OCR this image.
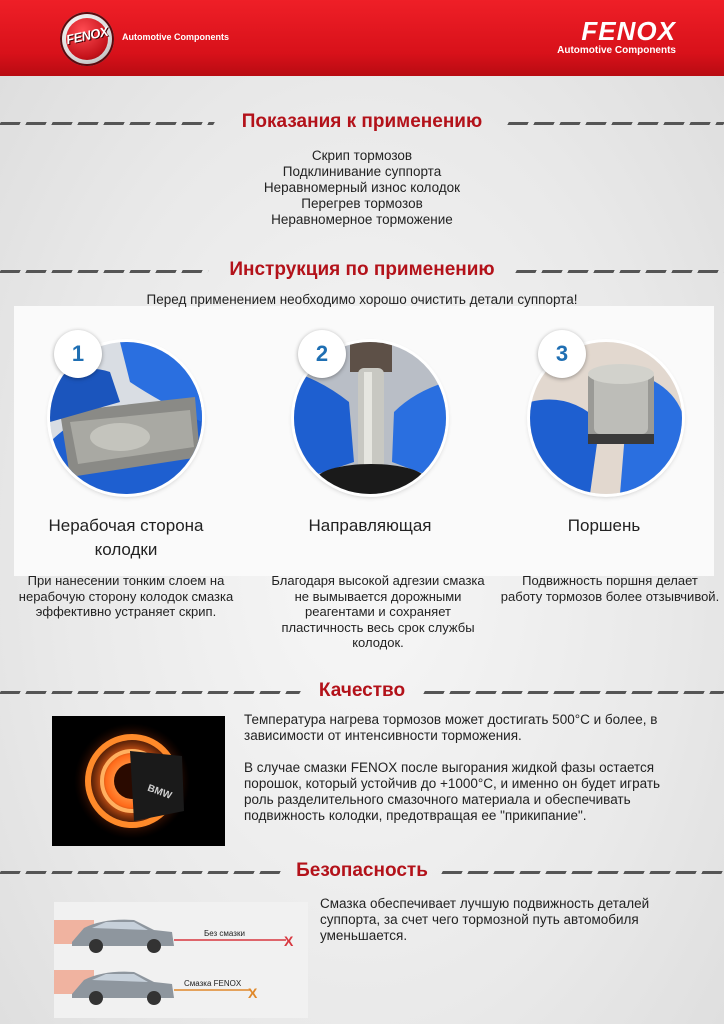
FENOX	Automotive Components	FENOX
Automotive Components
Показания к применению
Скрип тормозов
Подклинивание суппорта
Неравномерный износ колодок
Перегрев тормозов
Неравномерное торможение
Инструкция по применению
Перед применением необходимо хорошо очистить детали суппорта!
1
Нерабочая сторона колодки
При нанесении тонким слоем на нерабочую сторону колодок смазка эффективно устраняет скрип.
2
Направляющая
Благодаря высокой адгезии смазка не вымывается дорожными реагентами и сохраняет пластичность весь срок службы колодок.
3
Поршень
Подвижность поршня делает работу тормозов более отзывчивой.
Качество
BMW

Температура нагрева тормозов может достигать 500°С и более, в зависимости от интенсивности торможения.

В случае смазки FENOX после выгорания жидкой фазы остается порошок, который устойчив до +1000°С, и именно он будет играть роль разделительного смазочного материала и обеспечивать подвижность колодки, предотвращая ее "прикипание".

Безопасность
Без смазки	X
Смазка FENOX
X
Смазка обеспечивает лучшую подвижность деталей суппорта, за счет чего тормозной путь автомобиля уменьшается.
